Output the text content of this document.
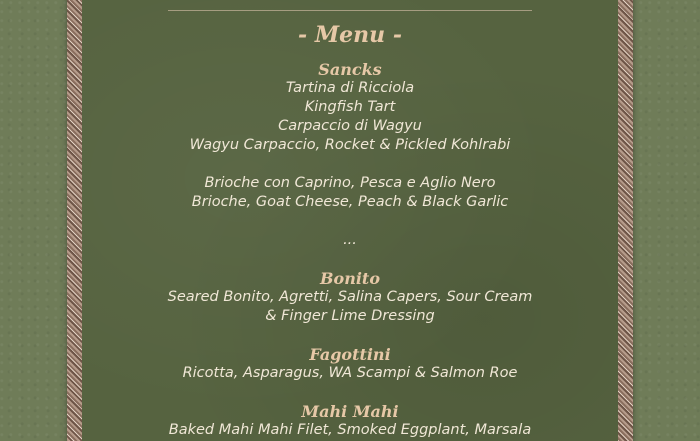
- Menu -
Sancks
Tartina di Ricciola
Kingfish Tart
Carpaccio di Wagyu
Wagyu Carpaccio, Rocket & Pickled Kohlrabi
Brioche con Caprino, Pesca e Aglio Nero
Brioche, Goat Cheese, Peach & Black Garlic
...
Bonito
Seared Bonito, Agretti, Salina Capers, Sour Cream
& Finger Lime Dressing
Fagottini
Ricotta, Asparagus, WA Scampi & Salmon Roe
Mahi Mahi
Baked Mahi Mahi Filet, Smoked Eggplant, Marsala
